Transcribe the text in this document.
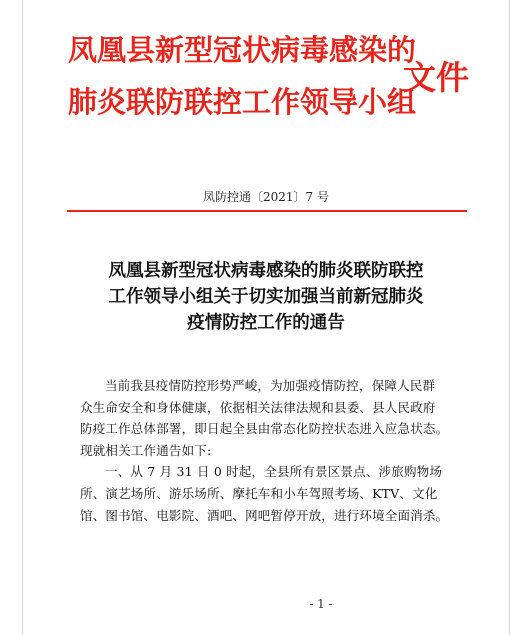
凤凰县新型冠状病毒感染的
肺炎联防联控工作领导小组
文件
凤防控通〔2021〕7 号
凤凰县新型冠状病毒感染的肺炎联防联控
工作领导小组关于切实加强当前新冠肺炎
疫情防控工作的通告
当前我县疫情防控形势严峻，为加强疫情防控，保障人民群
众生命安全和身体健康，依据相关法律法规和县委、县人民政府
防疫工作总体部署，即日起全县由常态化防控状态进入应急状态。
现就相关工作通告如下:
一、从 7 月 31 日 0 时起，全县所有景区景点、涉旅购物场
所、演艺场所、游乐场所、摩托车和小车驾照考场、KTV、文化
馆、图书馆、电影院、酒吧、网吧暂停开放，进行环境全面消杀。
- 1 -
